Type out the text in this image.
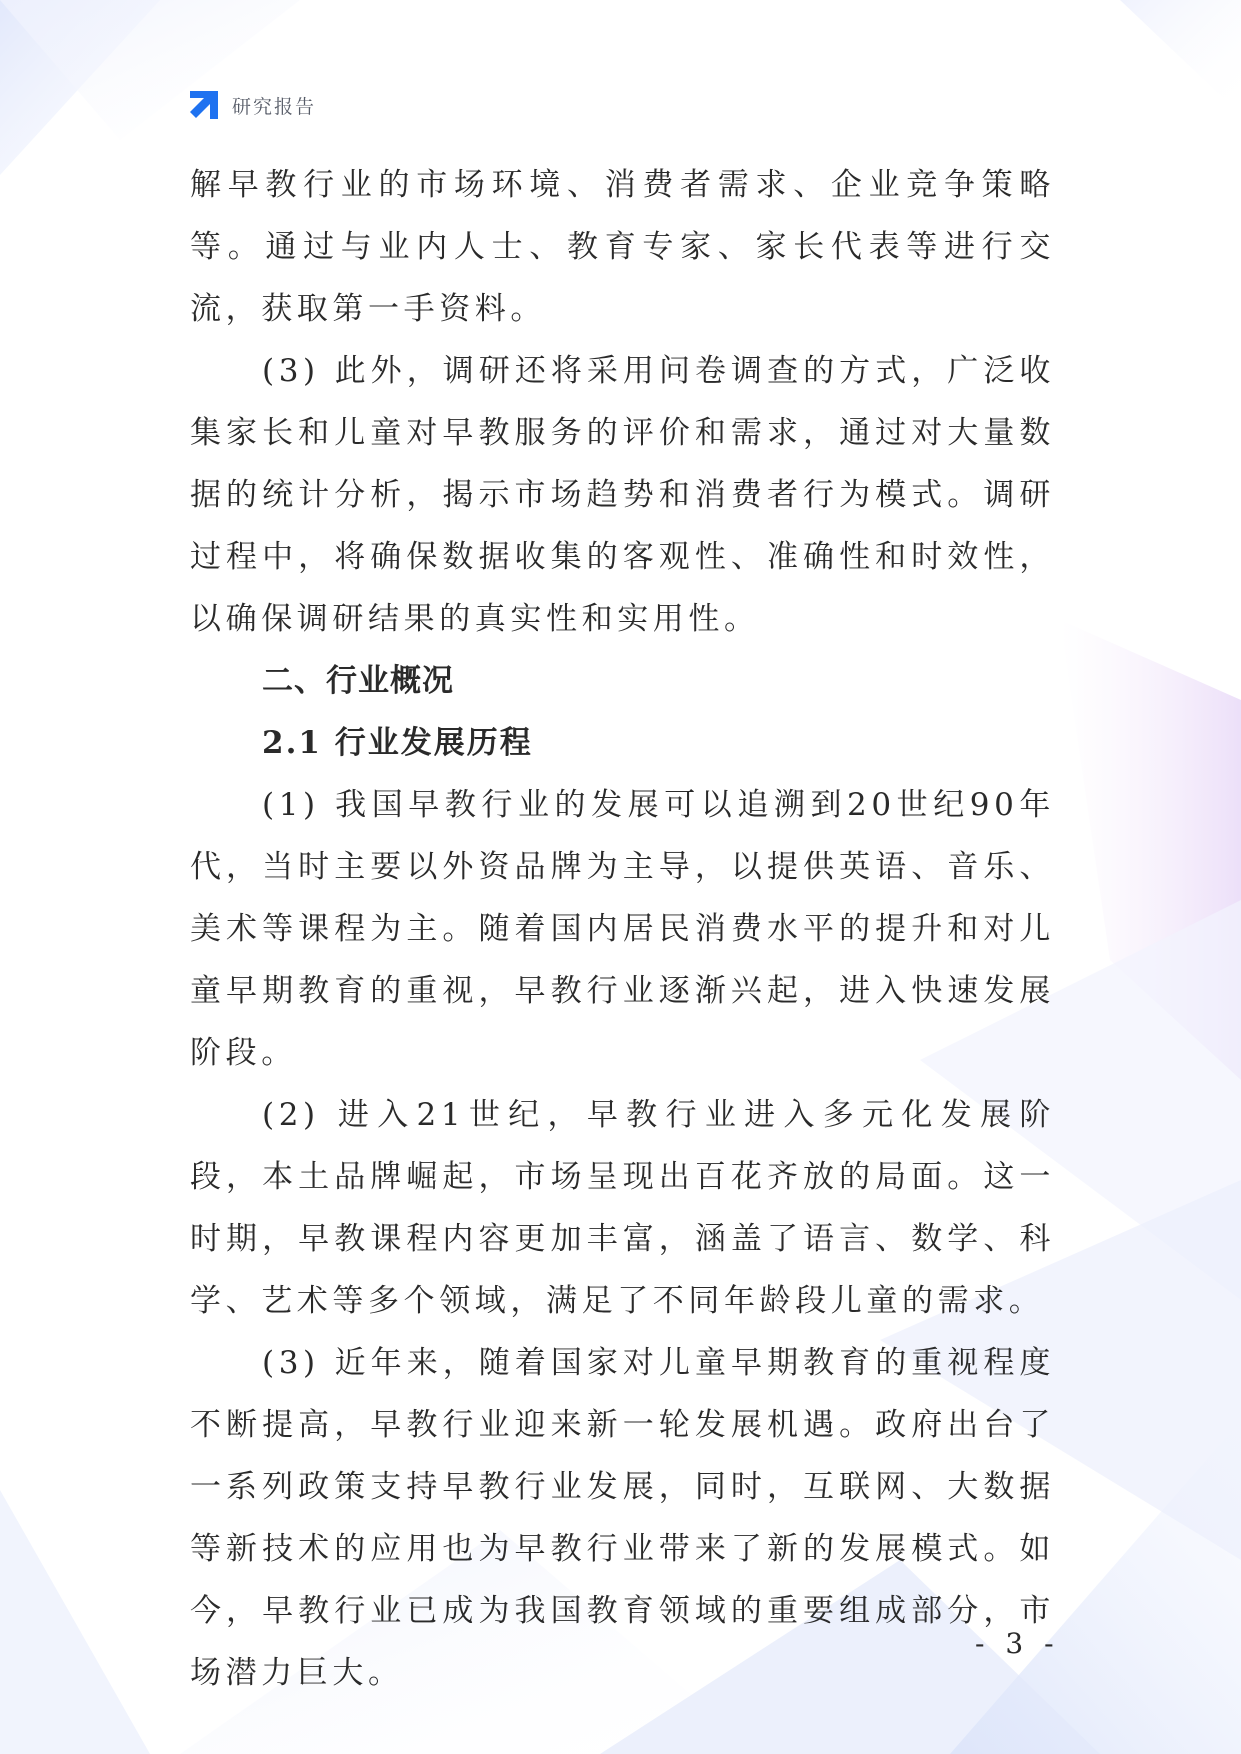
研究报告

解早教行业的市场环境、消费者需求、企业竞争策略等。通过与业内人士、教育专家、家长代表等进行交流，获取第一手资料。

(3) 此外，调研还将采用问卷调查的方式，广泛收集家长和儿童对早教服务的评价和需求，通过对大量数据的统计分析，揭示市场趋势和消费者行为模式。调研过程中，将确保数据收集的客观性、准确性和时效性，以确保调研结果的真实性和实用性。

二、行业概况
2.1 行业发展历程

(1) 我国早教行业的发展可以追溯到20世纪90年代，当时主要以外资品牌为主导，以提供英语、音乐、美术等课程为主。随着国内居民消费水平的提升和对儿童早期教育的重视，早教行业逐渐兴起，进入快速发展阶段。

(2) 进入21世纪，早教行业进入多元化发展阶段，本土品牌崛起，市场呈现出百花齐放的局面。这一时期，早教课程内容更加丰富，涵盖了语言、数学、科学、艺术等多个领域，满足了不同年龄段儿童的需求。

(3) 近年来，随着国家对儿童早期教育的重视程度不断提高，早教行业迎来新一轮发展机遇。政府出台了一系列政策支持早教行业发展，同时，互联网、大数据等新技术的应用也为早教行业带来了新的发展模式。如今，早教行业已成为我国教育领域的重要组成部分，市场潜力巨大。

- 3 -
